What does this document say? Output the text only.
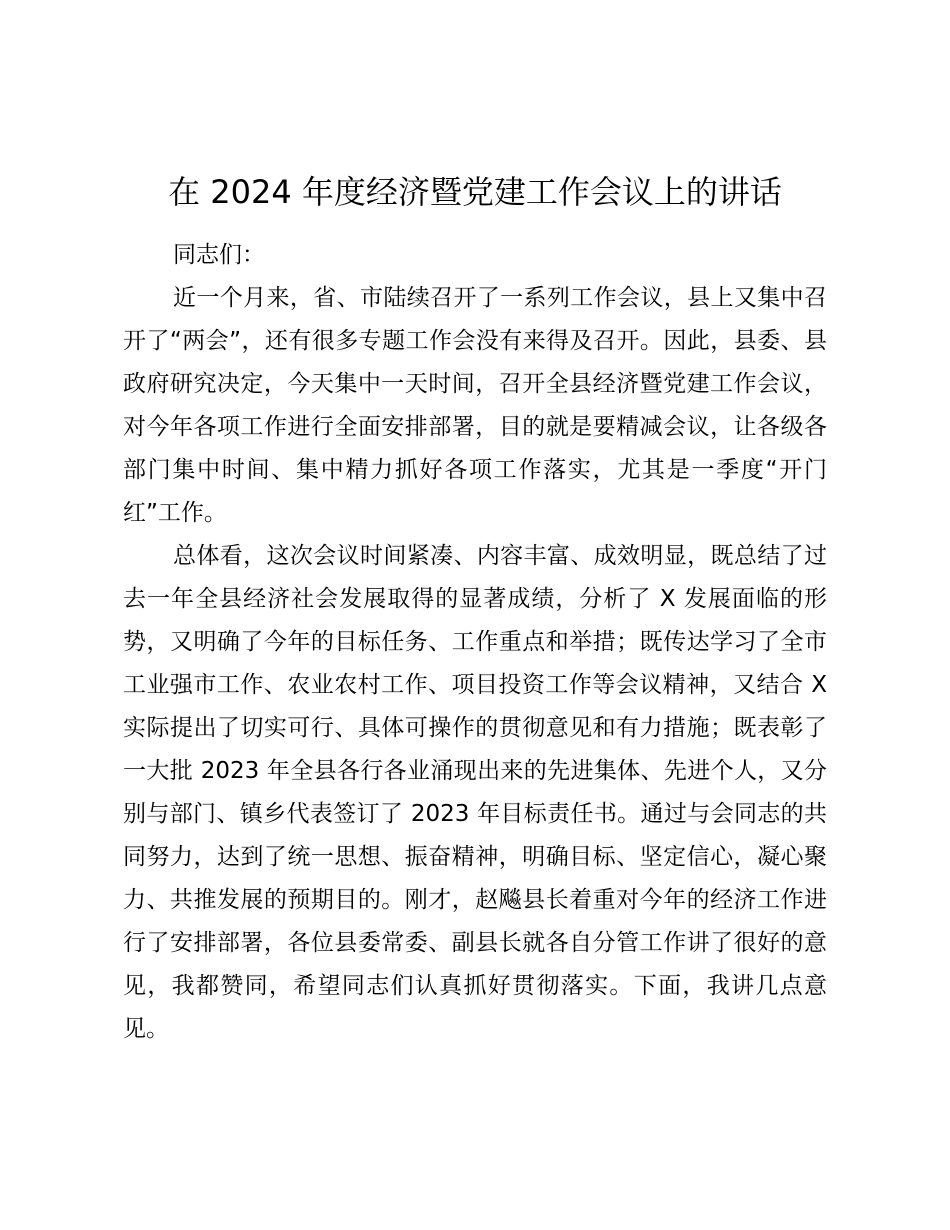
在 2024 年度经济暨党建工作会议上的讲话

同志们：

近一个月来，省、市陆续召开了一系列工作会议，县上又集中召开了“两会”，还有很多专题工作会没有来得及召开。因此，县委、县政府研究决定，今天集中一天时间，召开全县经济暨党建工作会议，对今年各项工作进行全面安排部署，目的就是要精减会议，让各级各部门集中时间、集中精力抓好各项工作落实，尤其是一季度“开门红”工作。

总体看，这次会议时间紧凑、内容丰富、成效明显，既总结了过去一年全县经济社会发展取得的显著成绩，分析了 X 发展面临的形势，又明确了今年的目标任务、工作重点和举措；既传达学习了全市工业强市工作、农业农村工作、项目投资工作等会议精神，又结合 X 实际提出了切实可行、具体可操作的贯彻意见和有力措施；既表彰了一大批 2023 年全县各行各业涌现出来的先进集体、先进个人，又分别与部门、镇乡代表签订了 2023 年目标责任书。通过与会同志的共同努力，达到了统一思想、振奋精神，明确目标、坚定信心，凝心聚力、共推发展的预期目的。刚才，赵飚县长着重对今年的经济工作进行了安排部署，各位县委常委、副县长就各自分管工作讲了很好的意见，我都赞同，希望同志们认真抓好贯彻落实。下面，我讲几点意见。
